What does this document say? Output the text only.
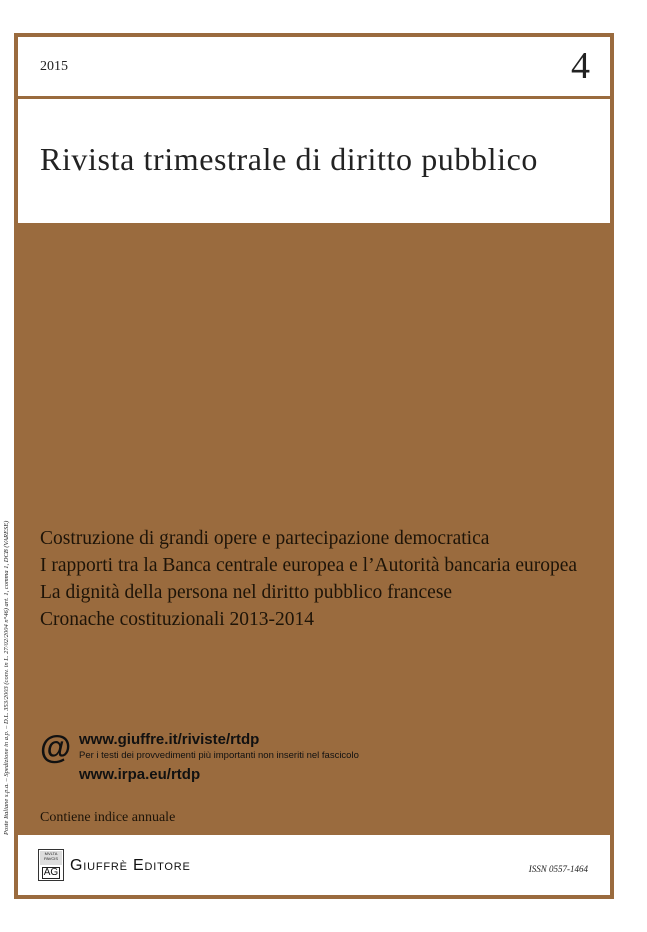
Poste Italiane s.p.a. – Spedizione in a.p. – D.L. 353/2003 (conv. in L. 27/02/2004 n°46) art. 1, comma 1, DCB (VARESE)
2015	4
Rivista trimestrale di diritto pubblico
Costruzione di grandi opere e partecipazione democratica
I rapporti tra la Banca centrale europea e l’Autorità bancaria europea
La dignità della persona nel diritto pubblico francese
Cronache costituzionali 2013-2014
@ www.giuffre.it/riviste/rtdp
Per i testi dei provvedimenti più importanti non inseriti nel fascicolo
www.irpa.eu/rtdp
Contiene indice annuale
MVLTA PAVCIS
AG Giuffrè Editore	ISSN 0557-1464
